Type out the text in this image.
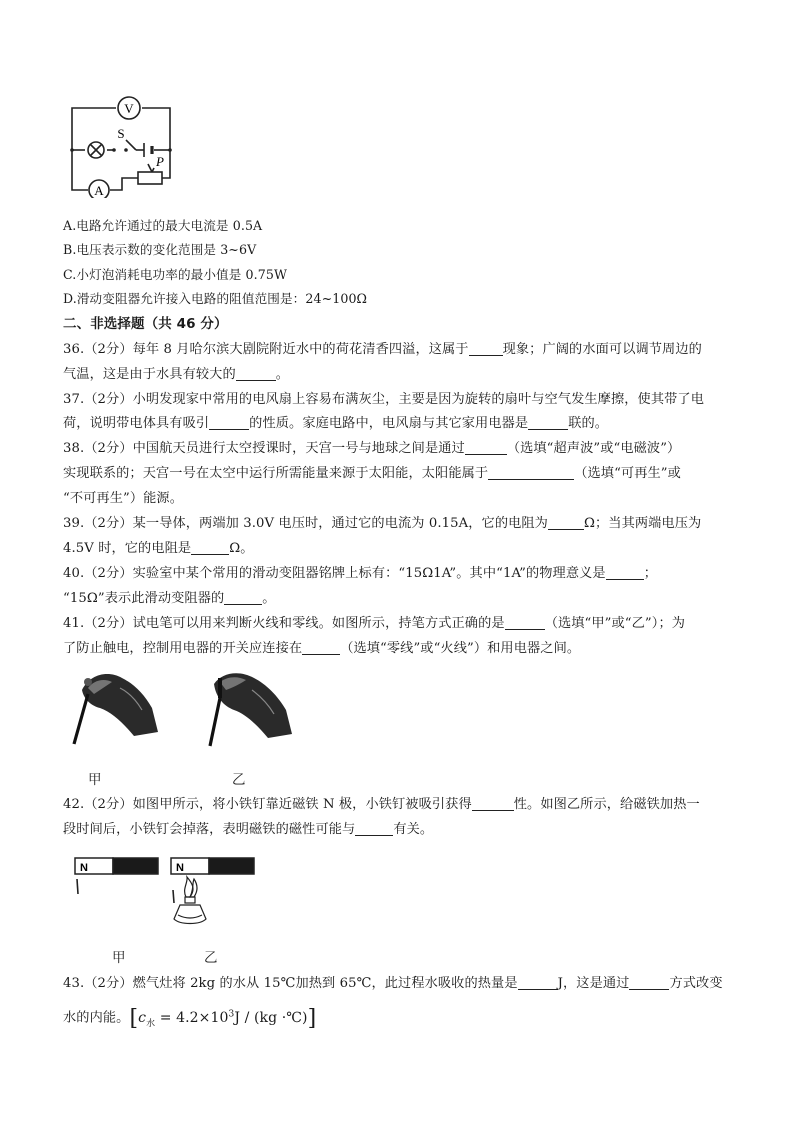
V
A
S
P
A.电路允许通过的最大电流是 0.5A
B.电压表示数的变化范围是 3~6V
C.小灯泡消耗电功率的最小值是 0.75W
D.滑动变阻器允许接入电路的阻值范围是：24~100Ω
二、非选择题（共 46 分）
36.（2分）每年 8 月哈尔滨大剧院附近水中的荷花清香四溢，这属于	现象；广阔的水面可以调节周边的
气温，这是由于水具有较大的	。
37.（2分）小明发现家中常用的电风扇上容易布满灰尘，主要是因为旋转的扇叶与空气发生摩擦，使其带了电
荷，说明带电体具有吸引	的性质。家庭电路中，电风扇与其它家用电器是	联的。
38.（2分）中国航天员进行太空授课时，天宫一号与地球之间是通过	（选填“超声波”或“电磁波”）
实现联系的；天宫一号在太空中运行所需能量来源于太阳能，太阳能属于	（选填“可再生”或
“不可再生”）能源。
39.（2分）某一导体，两端加 3.0V 电压时，通过它的电流为 0.15A，它的电阻为	Ω；当其两端电压为
4.5V 时，它的电阻是	Ω。
40.（2分）实验室中某个常用的滑动变阻器铭牌上标有：“15Ω1A”。其中“1A”的物理意义是	；
“15Ω”表示此滑动变阻器的	。
41.（2分）试电笔可以用来判断火线和零线。如图所示，持笔方式正确的是	（选填“甲”或“乙”）；为
了防止触电，控制用电器的开关应连接在	（选填“零线”或“火线”）和用电器之间。
甲	乙
42.（2分）如图甲所示，将小铁钉靠近磁铁 N 极，小铁钉被吸引获得	性。如图乙所示，给磁铁加热一
段时间后，小铁钉会掉落，表明磁铁的磁性可能与	有关。
N	N
甲	乙
43.（2分）燃气灶将 2kg 的水从 15℃加热到 65℃，此过程水吸收的热量是	J，这是通过	方式改变
水的内能。[$c_水 = 4.2\times 10^3J / (kg$ ·℃)]
